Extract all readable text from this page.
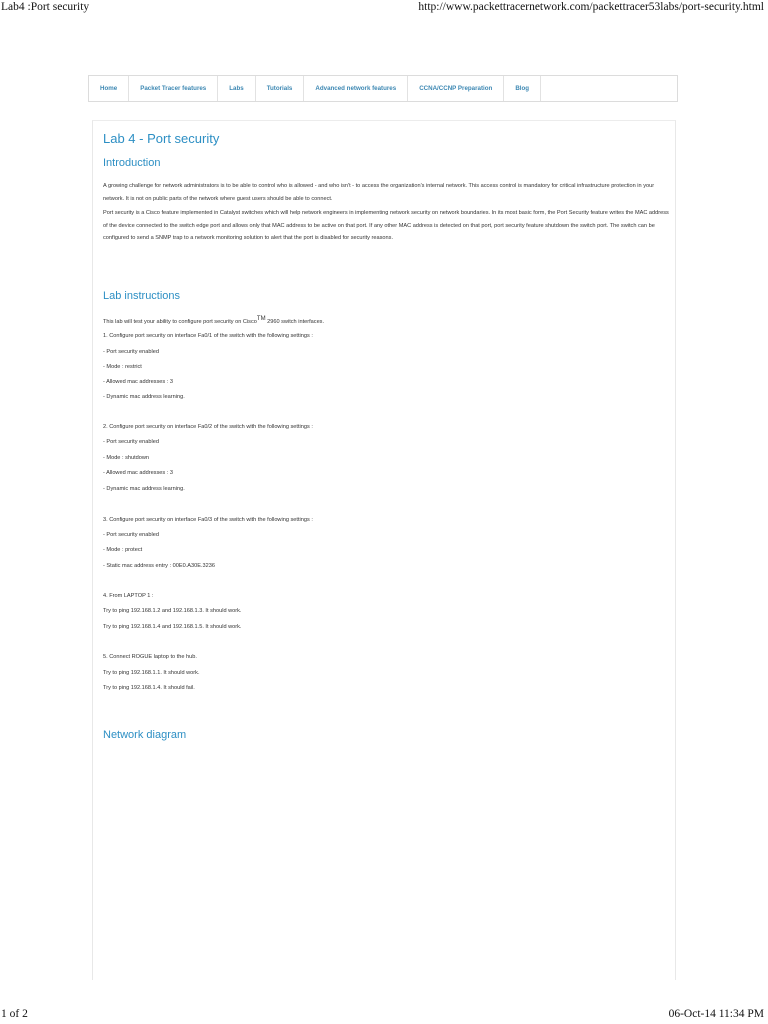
Lab4 :Port security	http://www.packettracernetwork.com/packettracer53labs/port-security.html
Home	Packet Tracer features	Labs	Tutorials	Advanced network features	CCNA/CCNP Preparation	Blog
Lab 4 - Port security
Introduction

A growing challenge for network administrators is to be able to control who is allowed - and who isn't - to access the organization's internal network. This access control is mandatory for critical infrastructure protection in your network. It is not on public parts of the network where guest users should be able to connect.

Port security is a Cisco feature implemented in Catalyst switches which will help network engineers in implementing network security on network boundaries. In its most basic form, the Port Security feature writes the MAC address of the device connected to the switch edge port and allows only that MAC address to be active on that port. If any other MAC address is detected on that port, port security feature shutdown the switch port. The switch can be configured to send a SNMP trap to a network monitoring solution to alert that the port is disabled for security reasons.

Lab instructions

This lab will test your ability to configure port security on Cisco™ 2960 switch interfaces.

1. Configure port security on interface Fa0/1 of the switch with the following settings :

- Port security enabled

- Mode : restrict

- Allowed mac addresses : 3

- Dynamic mac address learning.

2. Configure port security on interface Fa0/2 of the switch with the following settings :

- Port security enabled

- Mode : shutdown

- Allowed mac addresses : 3

- Dynamic mac address learning.

3. Configure port security on interface Fa0/3 of the switch with the following settings :

- Port security enabled

- Mode : protect

- Static mac address entry : 00E0.A30E.3236

4. From LAPTOP 1 :

Try to ping 192.168.1.2 and 192.168.1.3. It should work.

Try to ping 192.168.1.4 and 192.168.1.5. It should work.

5. Connect ROGUE laptop to the hub.

Try to ping 192.168.1.1. It should work.

Try to ping 192.168.1.4. It should fail.

Network diagram
1 of 2	06-Oct-14 11:34 PM
